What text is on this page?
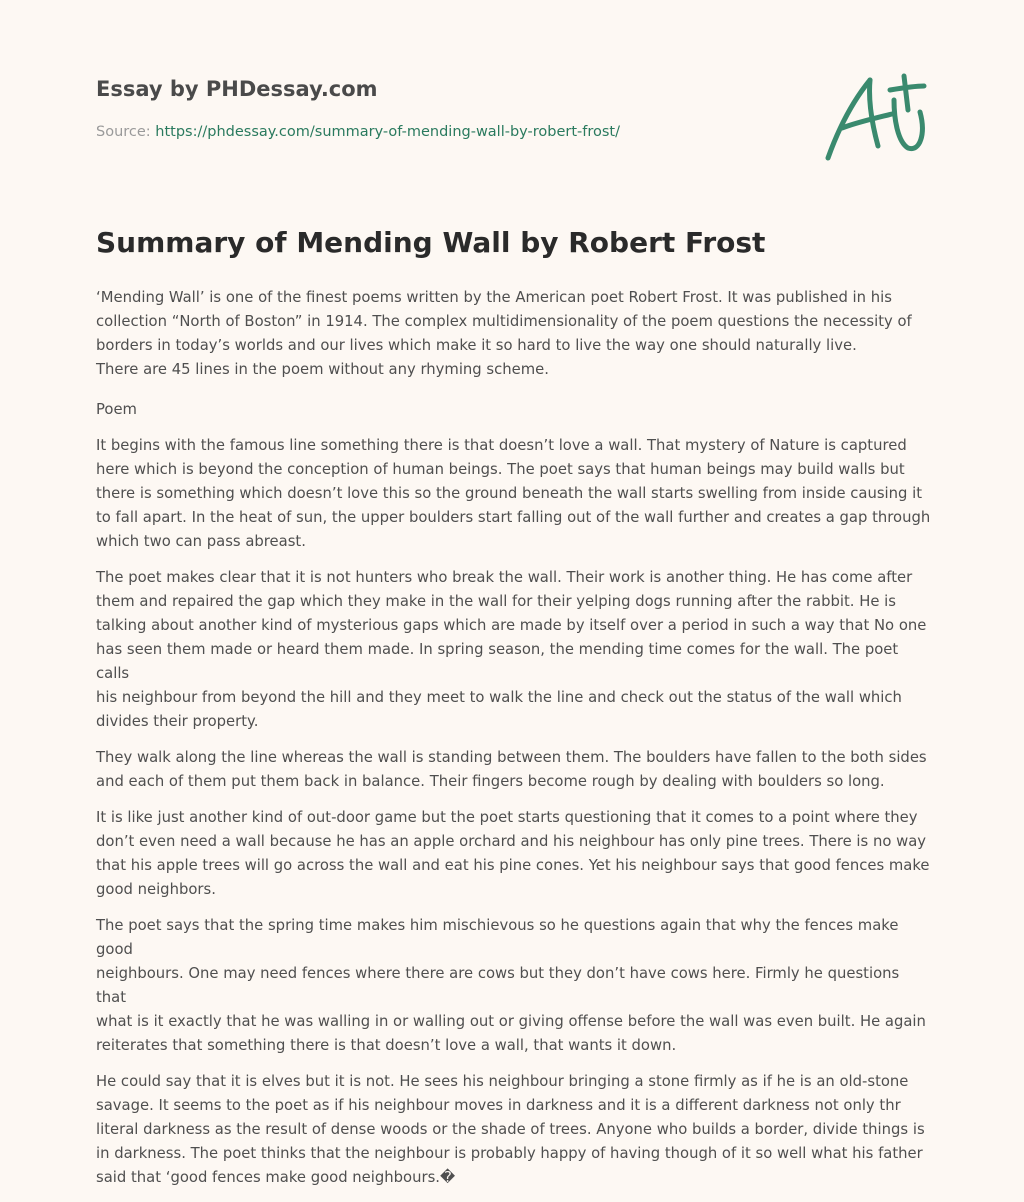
Essay by PHDessay.com
Source: https://phdessay.com/summary-of-mending-wall-by-robert-frost/
Summary of Mending Wall by Robert Frost

‘Mending Wall’ is one of the finest poems written by the American poet Robert Frost. It was published in his
collection “North of Boston” in 1914. The complex multidimensionality of the poem questions the necessity of
borders in today’s worlds and our lives which make it so hard to live the way one should naturally live.
There are 45 lines in the poem without any rhyming scheme.

Poem

It begins with the famous line something there is that doesn’t love a wall. That mystery of Nature is captured
here which is beyond the conception of human beings. The poet says that human beings may build walls but
there is something which doesn’t love this so the ground beneath the wall starts swelling from inside causing it
to fall apart. In the heat of sun, the upper boulders start falling out of the wall further and creates a gap through
which two can pass abreast.

The poet makes clear that it is not hunters who break the wall. Their work is another thing. He has come after
them and repaired the gap which they make in the wall for their yelping dogs running after the rabbit. He is
talking about another kind of mysterious gaps which are made by itself over a period in such a way that No one
has seen them made or heard them made. In spring season, the mending time comes for the wall. The poet calls
his neighbour from beyond the hill and they meet to walk the line and check out the status of the wall which
divides their property.

They walk along the line whereas the wall is standing between them. The boulders have fallen to the both sides
and each of them put them back in balance. Their fingers become rough by dealing with boulders so long.

It is like just another kind of out-door game but the poet starts questioning that it comes to a point where they
don’t even need a wall because he has an apple orchard and his neighbour has only pine trees. There is no way
that his apple trees will go across the wall and eat his pine cones. Yet his neighbour says that good fences make
good neighbors.

The poet says that the spring time makes him mischievous so he questions again that why the fences make good
neighbours. One may need fences where there are cows but they don’t have cows here. Firmly he questions that
what is it exactly that he was walling in or walling out or giving offense before the wall was even built. He again
reiterates that something there is that doesn’t love a wall, that wants it down.

He could say that it is elves but it is not. He sees his neighbour bringing a stone firmly as if he is an old-stone
savage. It seems to the poet as if his neighbour moves in darkness and it is a different darkness not only thr
literal darkness as the result of dense woods or the shade of trees. Anyone who builds a border, divide things is
in darkness. The poet thinks that the neighbour is probably happy of having though of it so well what his father
said that ‘good fences make good neighbours.�
